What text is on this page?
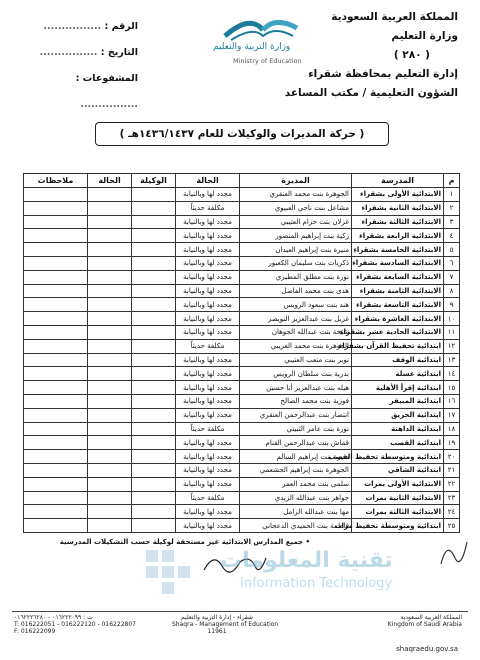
المملكة العربية السعودية
وزارة التعليم
( ٢٨٠ )
إدارة التعليم بمحافظة شقراء
الشؤون التعليمية / مكتب المساعد
وزارة التربية والتعليم
Ministry of Education
الرقم : ................
التاريخ : ................
المشفوعات : ................
( حركة المديرات والوكيلات للعام ١٤٣٦/١٤٣٧هـ )
م	المدرسة	المديرة	الحالة	الوكيلة	الحالة	ملاحظات
١	الابتدائية الأولى بشقراء	الجوهرة بنت محمد العنقري	مجدد لها وبالنيابة			
٢	الابتدائية الثانية بشقراء	مشاعل بنت ناجي العبيوي	مكلفة حديثاً			
٣	الابتدائية الثالثة بشقراء	غزلان بنت حزام العتيبي	مجدد لها وبالنيابة			
٤	الابتدائية الرابعة بشقراء	زكية بنت إبراهيم المنصور	مجدد لها وبالنيابة			
٥	الابتدائية الخامسة بشقراء	منيرة بنت إبراهيم العيدان	مجدد لها وبالنيابة			
٦	الابتدائية السادسة بشقراء	ذكريات بنت سليمان الكعبور	مجدد لها وبالنيابة			
٧	الابتدائية السابعة بشقراء	نورة بنت مطلق المطيري	مجدد لها وبالنيابة			
٨	الابتدائية الثامنة بشقراء	هدى بنت محمد الفاضل	مجدد لها وبالنيابة			
٩	الابتدائية التاسعة بشقراء	هند بنت سعود الرويس	مجدد لها وبالنيابة			
١٠	الابتدائية العاشرة بشقراء	غزيل بنت عبدالعزيز النويصر	مجدد لها وبالنيابة			
١١	الابتدائية الحادية عشر بشقراء	شيخة بنت عبدالله الجوهان	مجدد لها وبالنيابة			
١٢	ابتدائية تحفيظ القرآن بشقراء	الجوهرة بنت محمد الغريبي	مكلفة حديثاً			
١٣	ابتدائية الوقف	نوير بنت متعب العتيبي	مجدد لها وبالنيابة			
١٤	ابتدائية غسلة	بدرية بنت سلطان الرويس	مجدد لها وبالنيابة			
١٥	ابتدائية إقرأ الأهلية	هيله بنت عبدالعزيز أبا حسين	مجدد لها وبالنيابة			
١٦	ابتدائية المبيقر	فوزية بنت محمد الصالح	مجدد لها وبالنيابة			
١٧	ابتدائية الحريق	انتصار بنت عبدالرحمن العنقري	مجدد لها وبالنيابة			
١٨	ابتدائية الداهنة	نورة بنت عامر الثبيتي	مكلفة حديثاً			
١٩	ابتدائية القصب	قماش بنت عبدالرحمن الفنام	مجدد لها وبالنيابة			
٢٠	ابتدائية ومتوسطة تحفيظ القصب	منيرة بنت إبراهيم السالم	مجدد لها وبالنيابة			
٢١	ابتدائية الشاقي	الجوهرة بنت إبراهيم الجشعمي	مجدد لها وبالنيابة			
٢٢	الابتدائية الأولى بمرات	سلمى بنت محمد العمر	مجدد لها وبالنيابة			
٢٣	الابتدائية الثانية بمرات	جواهر بنت عبدالله الزيدي	مكلفة حديثاً			
٢٤	الابتدائية الثالثة بمرات	مها بنت عبدالله الزامل	مجدد لها وبالنيابة			
٢٥	ابتدائية ومتوسطة تحفيظ مرات	فاطمة بنت الحميدي الدعجاني	مجدد لها وبالنيابة			
• جميع المدارس الابتدائية غير مستحقة لوكيلة حسب التشكيلات المدرسية
تقنية المعلومات
Information Technology
المملكة العربية السعودية
Kingdom of Saudi Arabia
شقراء - إدارة التربية والتعليم
Shaqra - Management of Education
11961
ت : ٠١٦٢٢٢٠٩٩ - ٠١٦٢٢٢٦٢٨٠
T: 016222051 - 016222120 - 016222807
F: 016222099
shaqraedu.gov.sa
